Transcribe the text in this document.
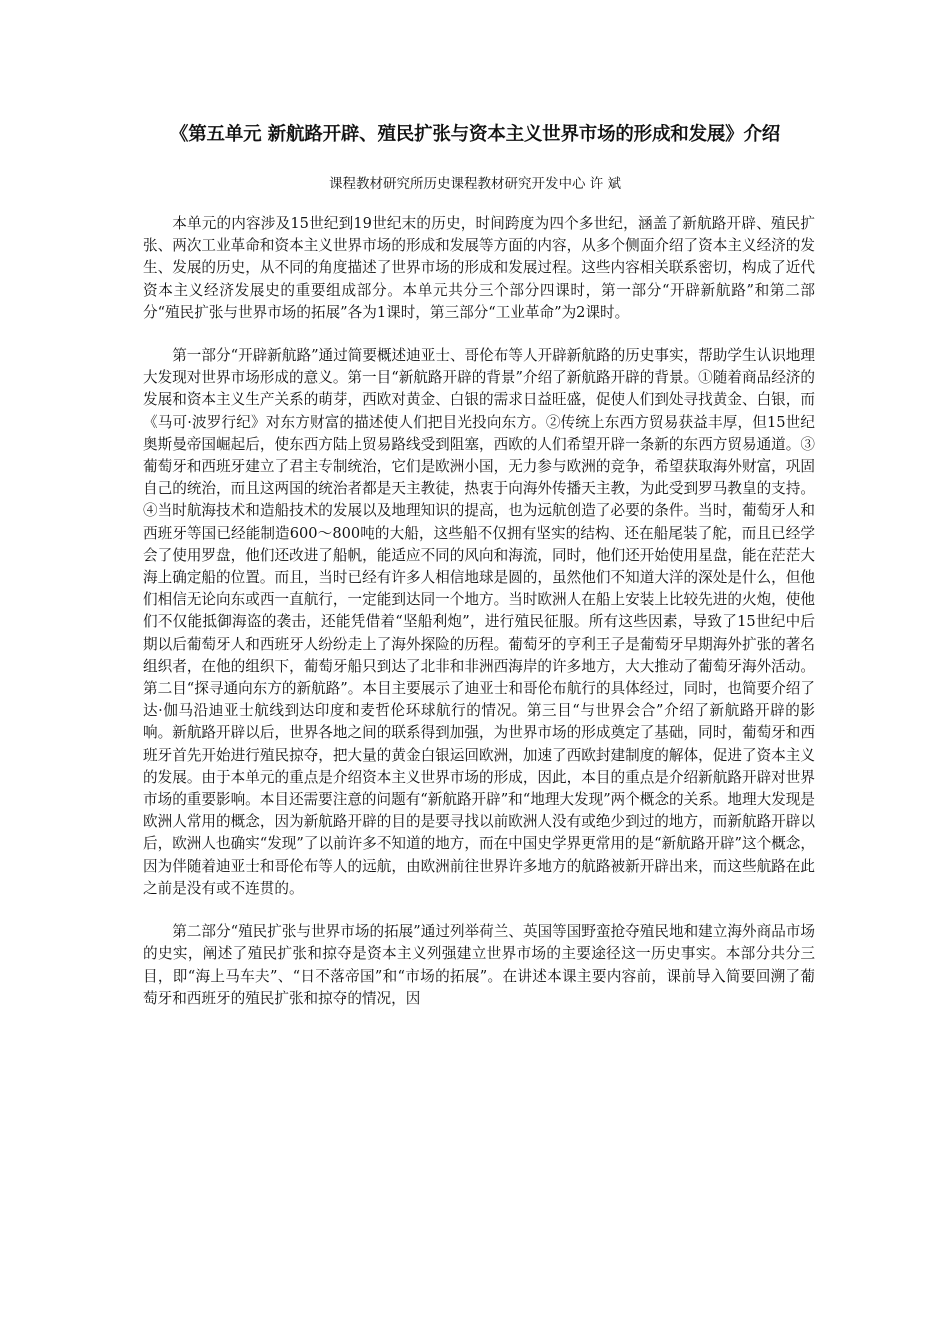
《第五单元 新航路开辟、殖民扩张与资本主义世界市场的形成和发展》介绍
课程教材研究所历史课程教材研究开发中心 许 斌

本单元的内容涉及15世纪到19世纪末的历史，时间跨度为四个多世纪，涵盖了新航路开辟、殖民扩张、两次工业革命和资本主义世界市场的形成和发展等方面的内容，从多个侧面介绍了资本主义经济的发生、发展的历史，从不同的角度描述了世界市场的形成和发展过程。这些内容相关联系密切，构成了近代资本主义经济发展史的重要组成部分。本单元共分三个部分四课时，第一部分“开辟新航路”和第二部分“殖民扩张与世界市场的拓展”各为1课时，第三部分“工业革命”为2课时。

第一部分“开辟新航路”通过简要概述迪亚士、哥伦布等人开辟新航路的历史事实，帮助学生认识地理大发现对世界市场形成的意义。第一目“新航路开辟的背景”介绍了新航路开辟的背景。①随着商品经济的发展和资本主义生产关系的萌芽，西欧对黄金、白银的需求日益旺盛，促使人们到处寻找黄金、白银，而《马可·波罗行纪》对东方财富的描述使人们把目光投向东方。②传统上东西方贸易获益丰厚，但15世纪奥斯曼帝国崛起后，使东西方陆上贸易路线受到阻塞，西欧的人们希望开辟一条新的东西方贸易通道。③葡萄牙和西班牙建立了君主专制统治，它们是欧洲小国，无力参与欧洲的竞争，希望获取海外财富，巩固自己的统治，而且这两国的统治者都是天主教徒，热衷于向海外传播天主教，为此受到罗马教皇的支持。④当时航海技术和造船技术的发展以及地理知识的提高，也为远航创造了必要的条件。当时，葡萄牙人和西班牙等国已经能制造600～800吨的大船，这些船不仅拥有坚实的结构、还在船尾装了舵，而且已经学会了使用罗盘，他们还改进了船帆，能适应不同的风向和海流，同时，他们还开始使用星盘，能在茫茫大海上确定船的位置。而且，当时已经有许多人相信地球是圆的，虽然他们不知道大洋的深处是什么，但他们相信无论向东或西一直航行，一定能到达同一个地方。当时欧洲人在船上安装上比较先进的火炮，使他们不仅能抵御海盗的袭击，还能凭借着“坚船利炮”，进行殖民征服。所有这些因素，导致了15世纪中后期以后葡萄牙人和西班牙人纷纷走上了海外探险的历程。葡萄牙的亨利王子是葡萄牙早期海外扩张的著名组织者，在他的组织下，葡萄牙船只到达了北非和非洲西海岸的许多地方，大大推动了葡萄牙海外活动。第二目“探寻通向东方的新航路”。本目主要展示了迪亚士和哥伦布航行的具体经过，同时，也简要介绍了达·伽马沿迪亚士航线到达印度和麦哲伦环球航行的情况。第三目“与世界会合”介绍了新航路开辟的影响。新航路开辟以后，世界各地之间的联系得到加强，为世界市场的形成奠定了基础，同时，葡萄牙和西班牙首先开始进行殖民掠夺，把大量的黄金白银运回欧洲，加速了西欧封建制度的解体，促进了资本主义的发展。由于本单元的重点是介绍资本主义世界市场的形成，因此，本目的重点是介绍新航路开辟对世界市场的重要影响。本目还需要注意的问题有“新航路开辟”和“地理大发现”两个概念的关系。地理大发现是欧洲人常用的概念，因为新航路开辟的目的是要寻找以前欧洲人没有或绝少到过的地方，而新航路开辟以后，欧洲人也确实“发现”了以前许多不知道的地方，而在中国史学界更常用的是“新航路开辟”这个概念，因为伴随着迪亚士和哥伦布等人的远航，由欧洲前往世界许多地方的航路被新开辟出来，而这些航路在此之前是没有或不连贯的。

第二部分“殖民扩张与世界市场的拓展”通过列举荷兰、英国等国野蛮抢夺殖民地和建立海外商品市场的史实，阐述了殖民扩张和掠夺是资本主义列强建立世界市场的主要途径这一历史事实。本部分共分三目，即“海上马车夫”、“日不落帝国”和“市场的拓展”。在讲述本课主要内容前，课前导入简要回溯了葡萄牙和西班牙的殖民扩张和掠夺的情况，因
